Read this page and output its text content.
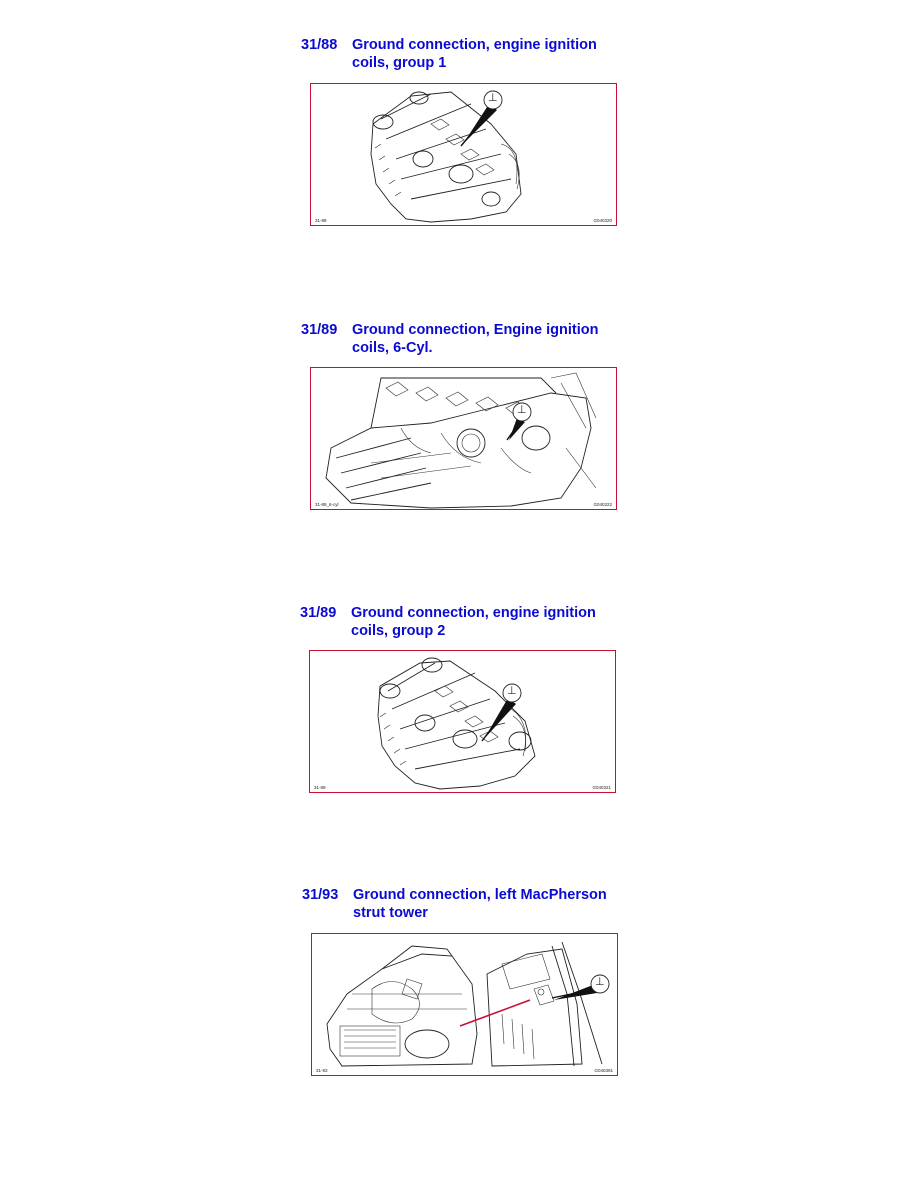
31/88 Ground connection, engine ignition coils, group 1
⊥
31-88	G040320
31/89 Ground connection, Engine ignition coils, 6-Cyl.
⊥
31-89_6-cyl	G040322
31/89 Ground connection, engine ignition coils, group 2
⊥
31-89	G040321
31/93 Ground connection, left MacPherson strut tower
⊥
31-93	G040391
